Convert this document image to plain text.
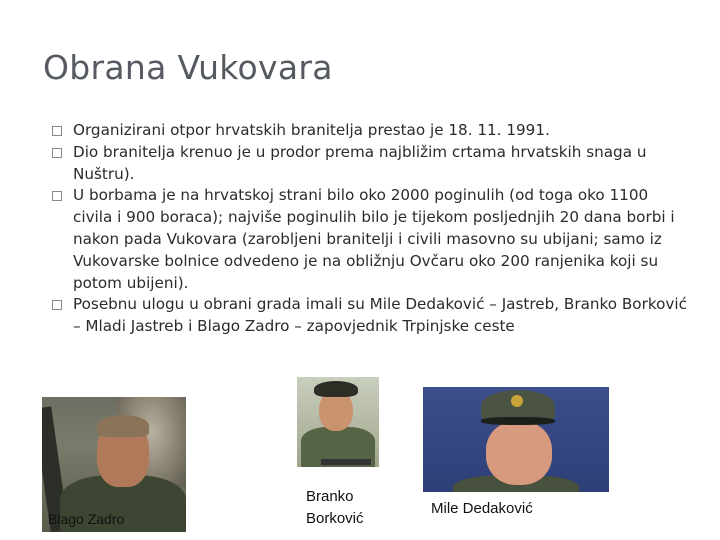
Obrana Vukovara
Organizirani otpor hrvatskih branitelja prestao je 18. 11. 1991.
Dio branitelja krenuo je u prodor prema najbližim crtama hrvatskih snaga u Nuštru).
U borbama je na hrvatskoj strani bilo oko 2000 poginulih (od toga oko 1100 civila i 900 boraca); najviše poginulih bilo je tijekom posljednjih 20 dana borbi i nakon pada Vukovara (zarobljeni branitelji i civili masovno su ubijani; samo iz Vukovarske bolnice odvedeno je na obližnju Ovčaru oko 200 ranjenika koji su potom ubijeni).
Posebnu ulogu u obrani grada imali su Mile Dedaković – Jastreb, Branko Borković – Mladi Jastreb i Blago Zadro – zapovjednik Trpinjske ceste
Blago Zadro
Branko
Borković
Mile Dedaković
